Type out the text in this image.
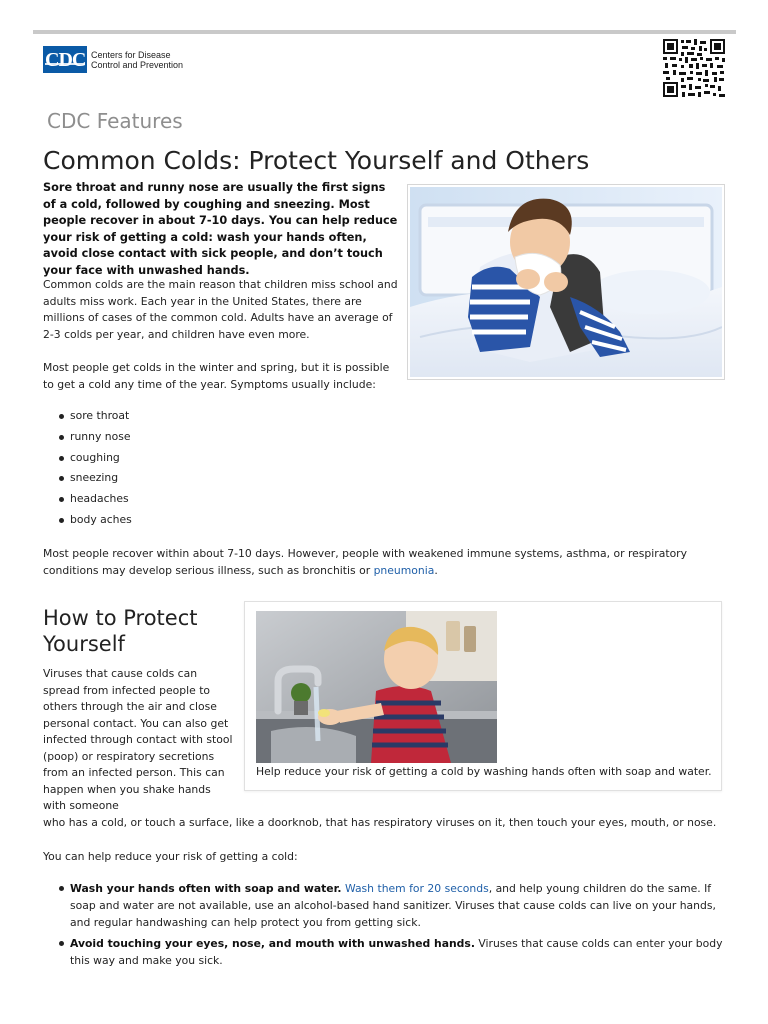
CDC Centers for Disease
Control and Prevention
CDC Features
Common Colds: Protect Yourself and Others

Sore throat and runny nose are usually the first signs of a cold, followed by coughing and sneezing. Most people recover in about 7-10 days. You can help reduce your risk of getting a cold: wash your hands often, avoid close contact with sick people, and don’t touch your face with unwashed hands.

Common colds are the main reason that children miss school and adults miss work. Each year in the United States, there are millions of cases of the common cold. Adults have an average of 2-3 colds per year, and children have even more.

Most people get colds in the winter and spring, but it is possible to get a cold any time of the year. Symptoms usually include:

sore throat
runny nose
coughing
sneezing
headaches
body aches

Most people recover within about 7-10 days. However, people with weakened immune systems, asthma, or respiratory conditions may develop serious illness, such as bronchitis or pneumonia.

How to Protect Yourself
Help reduce your risk of getting a cold by washing hands often with soap and water.

Viruses that cause colds can spread from infected people to others through the air and close personal contact. You can also get infected through contact with stool (poop) or respiratory secretions from an infected person. This can happen when you shake hands with someone

who has a cold, or touch a surface, like a doorknob, that has respiratory viruses on it, then touch your eyes, mouth, or nose.

You can help reduce your risk of getting a cold:

Wash your hands often with soap and water. Wash them for 20 seconds, and help young children do the same. If soap and water are not available, use an alcohol-based hand sanitizer. Viruses that cause colds can live on your hands, and regular handwashing can help protect you from getting sick.
Avoid touching your eyes, nose, and mouth with unwashed hands. Viruses that cause colds can enter your body this way and make you sick.
